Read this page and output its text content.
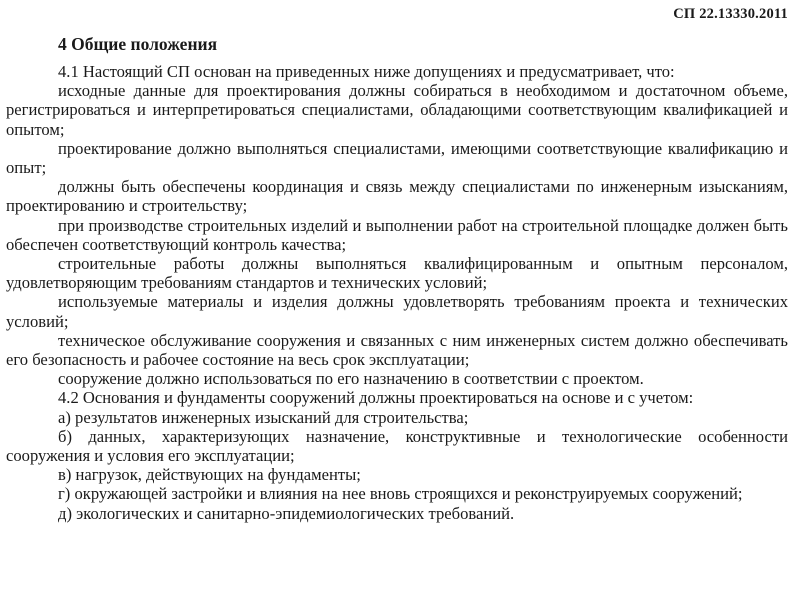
СП 22.13330.2011
4 Общие положения

4.1 Настоящий СП основан на приведенных ниже допущениях и предусматривает, что:

исходные данные для проектирования должны собираться в необходимом и достаточном объеме, регистрироваться и интерпретироваться специалистами, обладающими соответствующим квалификацией и опытом;

проектирование должно выполняться специалистами, имеющими соответствующие квалификацию и опыт;

должны быть обеспечены координация и связь между специалистами по инженерным изысканиям, проектированию и строительству;

при производстве строительных изделий и выполнении работ на строительной площадке должен быть обеспечен соответствующий контроль качества;

строительные работы должны выполняться квалифицированным и опытным персоналом, удовлетворяющим требованиям стандартов и технических условий;

используемые материалы и изделия должны удовлетворять требованиям проекта и технических условий;

техническое обслуживание сооружения и связанных с ним инженерных систем должно обеспечивать его безопасность и рабочее состояние на весь срок эксплуатации;

сооружение должно использоваться по его назначению в соответствии с проектом.

4.2 Основания и фундаменты сооружений должны проектироваться на основе и с учетом:

а) результатов инженерных изысканий для строительства;

б) данных, характеризующих назначение, конструктивные и технологические особенности сооружения и условия его эксплуатации;

в) нагрузок, действующих на фундаменты;

г) окружающей застройки и влияния на нее вновь строящихся и реконструируемых сооружений;

д) экологических и санитарно-эпидемиологических требований.
